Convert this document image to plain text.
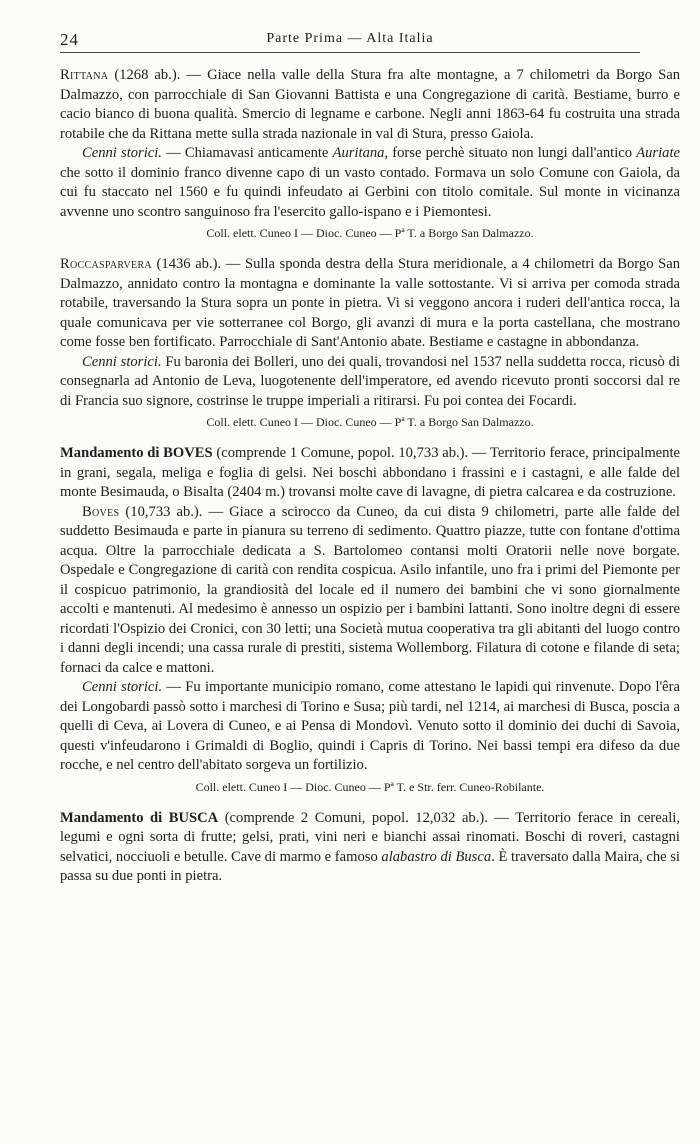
24	Parte Prima — Alta Italia

Rittana (1268 ab.). — Giace nella valle della Stura fra alte montagne, a 7 chilometri da Borgo San Dalmazzo, con parrocchiale di San Giovanni Battista e una Congregazione di carità. Bestiame, burro e cacio bianco di buona qualità. Smercio di legname e carbone. Negli anni 1863-64 fu costruita una strada rotabile che da Rittana mette sulla strada nazionale in val di Stura, presso Gaiola.

Cenni storici. — Chiamavasi anticamente Auritana, forse perchè situato non lungi dall'antico Auriate che sotto il dominio franco divenne capo di un vasto contado. Formava un solo Comune con Gaiola, da cui fu staccato nel 1560 e fu quindi infeudato ai Gerbini con titolo comitale. Sul monte in vicinanza avvenne uno scontro sanguinoso fra l'esercito gallo-ispano e i Piemontesi.

Coll. elett. Cuneo I — Dioc. Cuneo — Pª T. a Borgo San Dalmazzo.

Roccasparvera (1436 ab.). — Sulla sponda destra della Stura meridionale, a 4 chilometri da Borgo San Dalmazzo, annidato contro la montagna e dominante la valle sottostante. Vi si arriva per comoda strada rotabile, traversando la Stura sopra un ponte in pietra. Vi si veggono ancora i ruderi dell'antica rocca, la quale comunicava per vie sotterranee col Borgo, gli avanzi di mura e la porta castellana, che mostrano come fosse ben fortificato. Parrocchiale di Sant'Antonio abate. Bestiame e castagne in abbondanza.

Cenni storici. Fu baronia dei Bolleri, uno dei quali, trovandosi nel 1537 nella suddetta rocca, ricusò di consegnarla ad Antonio de Leva, luogotenente dell'imperatore, ed avendo ricevuto pronti soccorsi dal re di Francia suo signore, costrinse le truppe imperiali a ritirarsi. Fu poi contea dei Focardi.

Coll. elett. Cuneo I — Dioc. Cuneo — Pª T. a Borgo San Dalmazzo.

Mandamento di BOVES (comprende 1 Comune, popol. 10,733 ab.). — Territorio ferace, principalmente in grani, segala, meliga e foglia di gelsi. Nei boschi abbondano i frassini e i castagni, e alle falde del monte Besimauda, o Bisalta (2404 m.) trovansi molte cave di lavagne, di pietra calcarea e da costruzione.

Boves (10,733 ab.). — Giace a scirocco da Cuneo, da cui dista 9 chilometri, parte alle falde del suddetto Besimauda e parte in pianura su terreno di sedimento. Quattro piazze, tutte con fontane d'ottima acqua. Oltre la parrocchiale dedicata a S. Bartolomeo contansi molti Oratorii nelle nove borgate. Ospedale e Congregazione di carità con rendita cospicua. Asilo infantile, uno fra i primi del Piemonte per il cospicuo patrimonio, la grandiosità del locale ed il numero dei bambini che vi sono giornalmente accolti e mantenuti. Al medesimo è annesso un ospizio per i bambini lattanti. Sono inoltre degni di essere ricordati l'Ospizio dei Cronici, con 30 letti; una Società mutua cooperativa tra gli abitanti del luogo contro i danni degli incendi; una cassa rurale di prestiti, sistema Wollemborg. Filatura di cotone e filande di seta; fornaci da calce e mattoni.

Cenni storici. — Fu importante municipio romano, come attestano le lapidi qui rinvenute. Dopo l'êra dei Longobardi passò sotto i marchesi di Torino e Susa; più tardi, nel 1214, ai marchesi di Busca, poscia a quelli di Ceva, ai Lovera di Cuneo, e ai Pensa di Mondovì. Venuto sotto il dominio dei duchi di Savoia, questi v'infeudarono i Grimaldi di Boglio, quindi i Capris di Torino. Nei bassi tempi era difeso da due rocche, e nel centro dell'abitato sorgeva un fortilizio.

Coll. elett. Cuneo I — Dioc. Cuneo — Pª T. e Str. ferr. Cuneo-Robilante.

Mandamento di BUSCA (comprende 2 Comuni, popol. 12,032 ab.). — Territorio ferace in cereali, legumi e ogni sorta di frutte; gelsi, prati, vini neri e bianchi assai rinomati. Boschi di roveri, castagni selvatici, nocciuoli e betulle. Cave di marmo e famoso alabastro di Busca. È traversato dalla Maira, che si passa su due ponti in pietra.
